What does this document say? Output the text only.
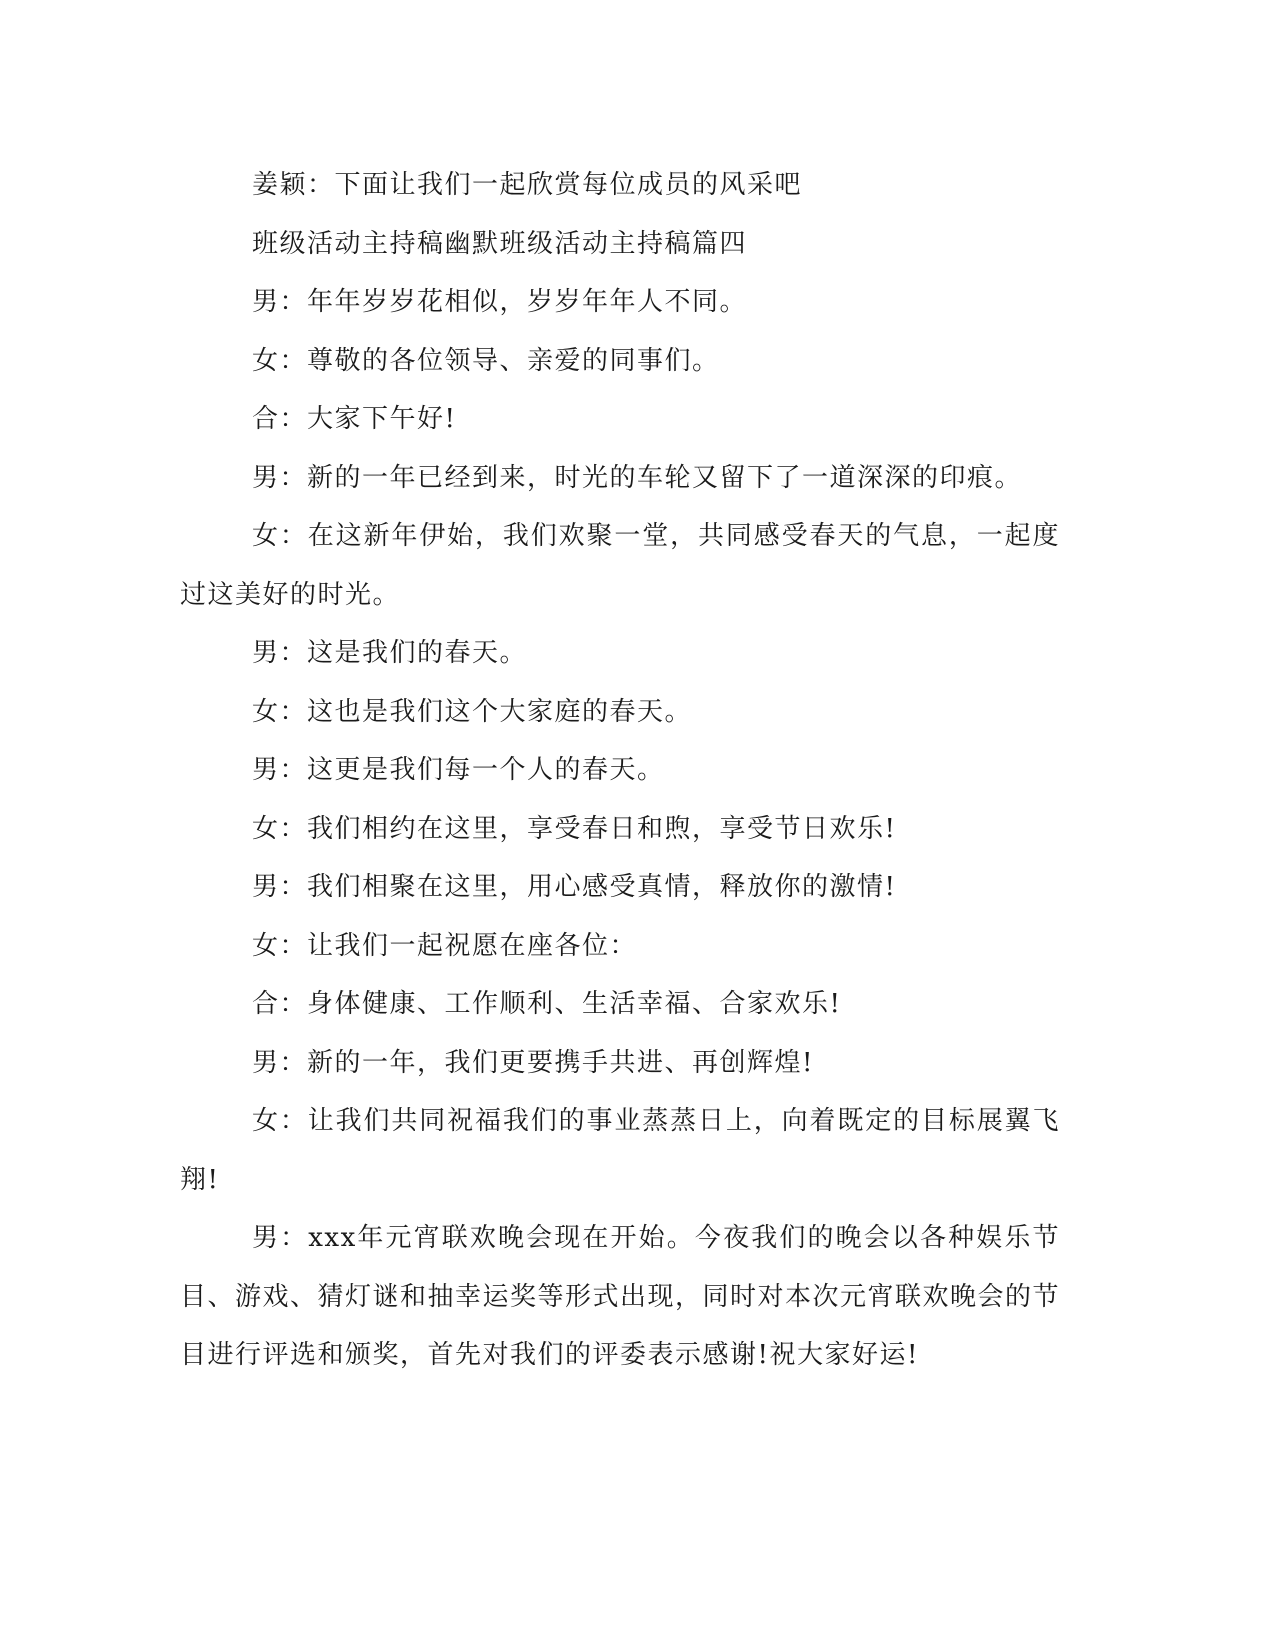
姜颖：下面让我们一起欣赏每位成员的风采吧

班级活动主持稿幽默班级活动主持稿篇四

男：年年岁岁花相似，岁岁年年人不同。

女：尊敬的各位领导、亲爱的同事们。

合：大家下午好!

男：新的一年已经到来，时光的车轮又留下了一道深深的印痕。

女：在这新年伊始，我们欢聚一堂，共同感受春天的气息，一起度过这美好的时光。

男：这是我们的春天。

女：这也是我们这个大家庭的春天。

男：这更是我们每一个人的春天。

女：我们相约在这里，享受春日和煦，享受节日欢乐!

男：我们相聚在这里，用心感受真情，释放你的激情!

女：让我们一起祝愿在座各位：

合：身体健康、工作顺利、生活幸福、合家欢乐!

男：新的一年，我们更要携手共进、再创辉煌!

女：让我们共同祝福我们的事业蒸蒸日上，向着既定的目标展翼飞翔!

男：xxx年元宵联欢晚会现在开始。今夜我们的晚会以各种娱乐节目、游戏、猜灯谜和抽幸运奖等形式出现，同时对本次元宵联欢晚会的节目进行评选和颁奖，首先对我们的评委表示感谢!祝大家好运!
